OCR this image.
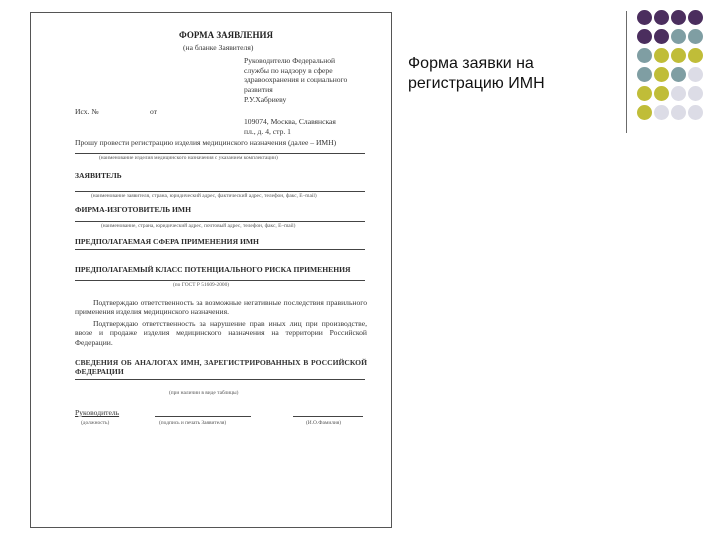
ФОРМА ЗАЯВЛЕНИЯ
(на бланке Заявителя)
Руководителю Федеральной
службы по надзору в сфере
здравоохранения и социального
развития
Р.У.Хабриеву
Исх. №	от
109074, Москва, Славянская
пл., д. 4, стр. 1
Прошу провести регистрацию изделия медицинского назначения (далее – ИМН)
(наименование изделия медицинского назначения с указанием комплектации)
ЗАЯВИТЕЛЬ
(наименование заявителя, страна, юридический адрес, фактический адрес, телефон, факс, E–mail)
ФИРМА-ИЗГОТОВИТЕЛЬ ИМН
(наименование, страна, юридический адрес, почтовый адрес, телефон, факс, E–mail)
ПРЕДПОЛАГАЕМАЯ СФЕРА ПРИМЕНЕНИЯ ИМН
ПРЕДПОЛАГАЕМЫЙ КЛАСС ПОТЕНЦИАЛЬНОГО РИСКА ПРИМЕНЕНИЯ
(по ГОСТ Р 51609-2000)
Подтверждаю ответственность за возможные негативные последствия правильного применения изделия медицинского назначения.
Подтверждаю ответственность за нарушение прав иных лиц при производстве, ввозе и продаже изделия медицинского назначения на территории Российской Федерации.
СВЕДЕНИЯ ОБ АНАЛОГАХ ИМН, ЗАРЕГИСТРИРОВАННЫХ В РОССИЙСКОЙ ФЕДЕРАЦИИ
(при наличии в виде таблицы)
Руководитель
(должность)	(подпись и печать Заявителя)	(И.О.Фамилия)
Форма заявки на регистрацию ИМН
